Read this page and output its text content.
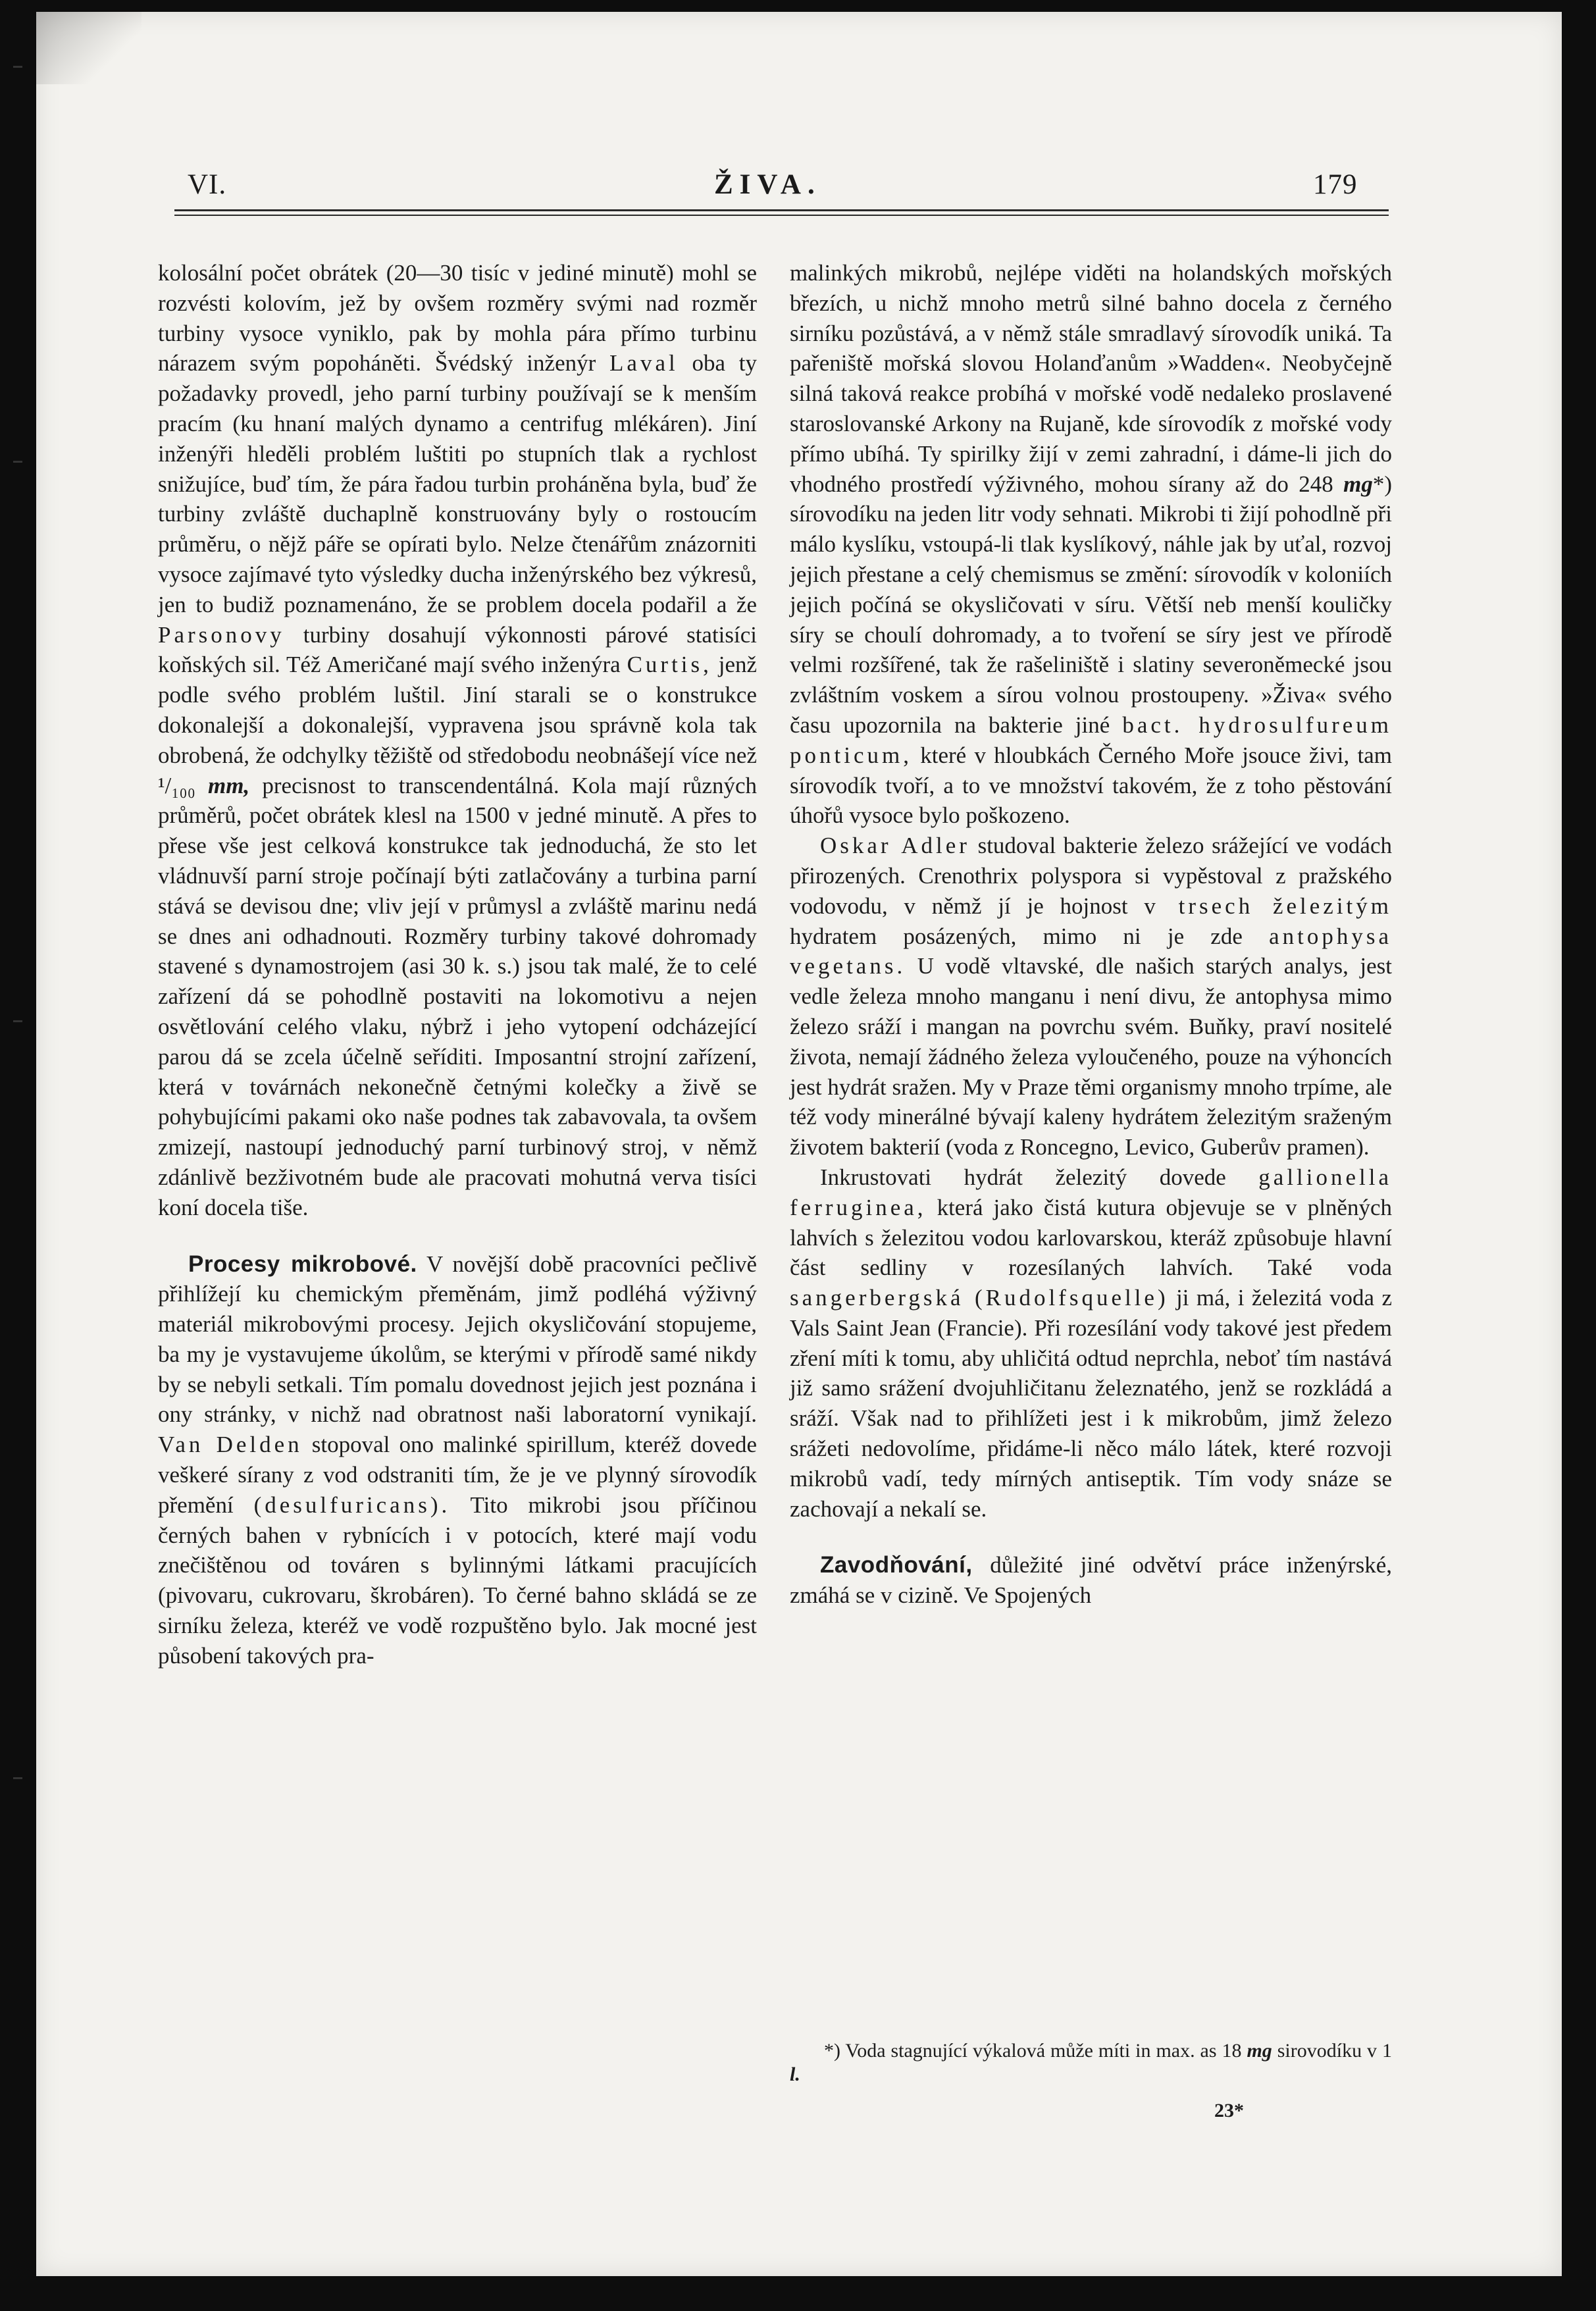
VI.	ŽIVA.	179

kolosální počet obrátek (20—30 tisíc v jediné minutě) mohl se rozvésti kolovím, jež by ovšem rozměry svými nad rozměr turbiny vysoce vyniklo, pak by mohla pára přímo turbinu nárazem svým popoháněti. Švédský inženýr Laval oba ty požadavky provedl, jeho parní turbiny používají se k menším pracím (ku hnaní malých dynamo a centrifug mlékáren). Jiní inženýři hleděli problém luštiti po stupních tlak a rychlost snižujíce, buď tím, že pára řadou turbin proháněna byla, buď že turbiny zvláště duchaplně konstruovány byly o rostoucím průměru, o nějž páře se opírati bylo. Nelze čtenářům znázorniti vysoce zajímavé tyto výsledky ducha inženýrského bez výkresů, jen to budiž poznamenáno, že se problem docela podařil a že Parsonovy turbiny dosahují výkonnosti párové statisíci koňských sil. Též Američané mají svého inženýra Curtis, jenž podle svého problém luštil. Jiní starali se o konstrukce dokonalejší a dokonalejší, vypravena jsou správně kola tak obrobená, že odchylky těžiště od středobodu neobnášejí více než ¹/₁₀₀ mm, precisnost to transcendentálná. Kola mají různých průměrů, počet obrátek klesl na 1500 v jedné minutě. A přes to přese vše jest celková konstrukce tak jednoduchá, že sto let vládnuvší parní stroje počínají býti zatlačovány a turbina parní stává se devisou dne; vliv její v průmysl a zvláště marinu nedá se dnes ani odhadnouti. Rozměry turbiny takové dohromady stavené s dynamostrojem (asi 30 k. s.) jsou tak malé, že to celé zařízení dá se pohodlně postaviti na lokomotivu a nejen osvětlování celého vlaku, nýbrž i jeho vytopení odcházející parou dá se zcela účelně seříditi. Imposantní strojní zařízení, která v továrnách nekonečně četnými kolečky a živě se pohybujícími pakami oko naše podnes tak zabavovala, ta ovšem zmizejí, nastoupí jednoduchý parní turbinový stroj, v němž zdánlivě bezživotném bude ale pracovati mohutná verva tisíci koní docela tiše.

Procesy mikrobové. V novější době pracovníci pečlivě přihlížejí ku chemickým přeměnám, jimž podléhá výživný materiál mikrobovými procesy. Jejich okysličování stopujeme, ba my je vystavujeme úkolům, se kterými v přírodě samé nikdy by se nebyli setkali. Tím pomalu dovednost jejich jest poznána i ony stránky, v nichž nad obratnost naši laboratorní vynikají. Van Delden stopoval ono malinké spirillum, kteréž dovede veškeré sírany z vod odstraniti tím, že je ve plynný sírovodík přemění (desulfuricans). Tito mikrobi jsou příčinou černých bahen v rybnících i v potocích, které mají vodu znečištěnou od továren s bylinnými látkami pracujících (pivovaru, cukrovaru, škrobáren). To černé bahno skládá se ze sirníku železa, kteréž ve vodě rozpuštěno bylo. Jak mocné jest působení takových pra-

malinkých mikrobů, nejlépe viděti na holandských mořských březích, u nichž mnoho metrů silné bahno docela z černého sirníku pozůstává, a v němž stále smradlavý sírovodík uniká. Ta pařeniště mořská slovou Holanďanům »Wadden«. Neobyčejně silná taková reakce probíhá v mořské vodě nedaleko proslavené staroslovanské Arkony na Rujaně, kde sírovodík z mořské vody přímo ubíhá. Ty spirilky žijí v zemi zahradní, i dáme-li jich do vhodného prostředí výživného, mohou sírany až do 248 mg*) sírovodíku na jeden litr vody sehnati. Mikrobi ti žijí pohodlně při málo kyslíku, vstoupá-li tlak kyslíkový, náhle jak by uťal, rozvoj jejich přestane a celý chemismus se změní: sírovodík v koloniích jejich počíná se okysličovati v síru. Větší neb menší kouličky síry se choulí dohromady, a to tvoření se síry jest ve přírodě velmi rozšířené, tak že rašeliniště i slatiny severoněmecké jsou zvláštním voskem a sírou volnou prostoupeny. »Živa« svého času upozornila na bakterie jiné bact. hydrosulfureum ponticum, které v hloubkách Černého Moře jsouce živi, tam sírovodík tvoří, a to ve množství takovém, že z toho pěstování úhořů vysoce bylo poškozeno.

Oskar Adler studoval bakterie železo srážející ve vodách přirozených. Crenothrix polyspora si vypěstoval z pražského vodovodu, v němž jí je hojnost v trsech železitým hydratem posázených, mimo ni je zde antophysa vegetans. U vodě vltavské, dle našich starých analys, jest vedle železa mnoho manganu i není divu, že antophysa mimo železo sráží i mangan na povrchu svém. Buňky, praví nositelé života, nemají žádného železa vyloučeného, pouze na výhoncích jest hydrát sražen. My v Praze těmi organismy mnoho trpíme, ale též vody minerálné bývají kaleny hydrátem železitým sraženým životem bakterií (voda z Roncegno, Levico, Guberův pramen).

Inkrustovati hydrát železitý dovede gallionella ferruginea, která jako čistá kutura objevuje se v plněných lahvích s železitou vodou karlovarskou, kteráž způsobuje hlavní část sedliny v rozesílaných lahvích. Také voda sangerbergská (Rudolfsquelle) ji má, i železitá voda z Vals Saint Jean (Francie). Při rozesílání vody takové jest předem zření míti k tomu, aby uhličitá odtud neprchla, neboť tím nastává již samo srážení dvojuhličitanu železnatého, jenž se rozkládá a sráží. Však nad to přihlížeti jest i k mikrobům, jimž železo srážeti nedovolíme, přidáme-li něco málo látek, které rozvoji mikrobů vadí, tedy mírných antiseptik. Tím vody snáze se zachovají a nekalí se.

Zavodňování, důležité jiné odvětví práce inženýrské, zmáhá se v cizině. Ve Spojených

*) Voda stagnující výkalová může míti in max. as 18 mg sirovodíku v 1 l.

23*
